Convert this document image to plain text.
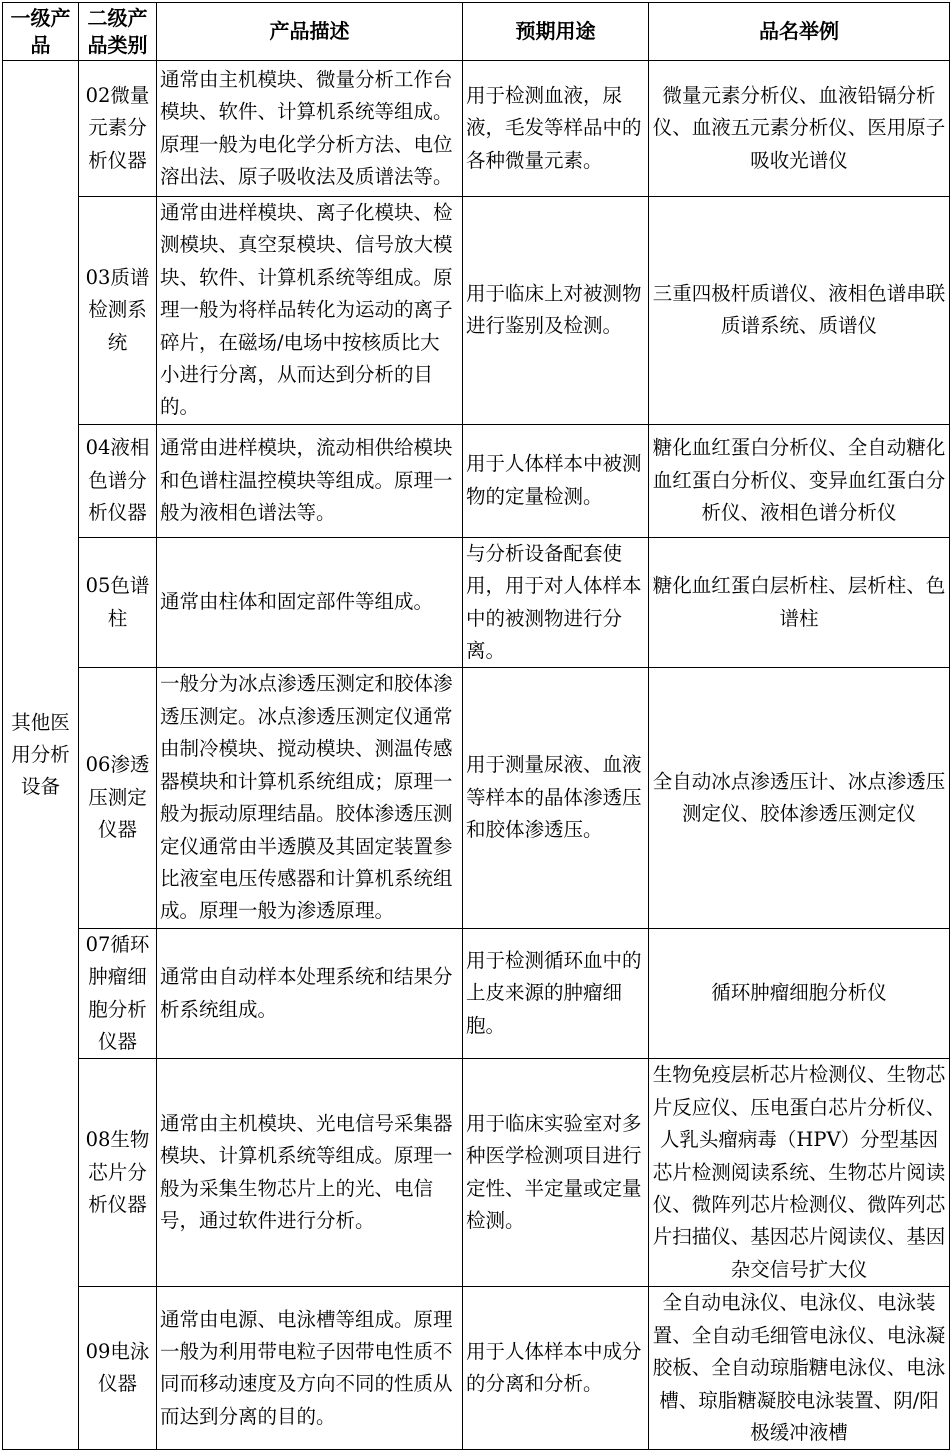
一级产品	二级产品类别	产品描述	预期用途	品名举例
其他医用分析设备	02微量元素分析仪器	通常由主机模块、微量分析工作台模块、软件、计算机系统等组成。原理一般为电化学分析方法、电位溶出法、原子吸收法及质谱法等。	用于检测血液，尿液，毛发等样品中的各种微量元素。	微量元素分析仪、血液铅镉分析仪、血液五元素分析仪、医用原子吸收光谱仪
	03质谱检测系统	通常由进样模块、离子化模块、检测模块、真空泵模块、信号放大模块、软件、计算机系统等组成。原理一般为将样品转化为运动的离子碎片，在磁场/电场中按核质比大小进行分离，从而达到分析的目的。	用于临床上对被测物进行鉴别及检测。	三重四极杆质谱仪、液相色谱串联质谱系统、质谱仪
	04液相色谱分析仪器	通常由进样模块，流动相供给模块和色谱柱温控模块等组成。原理一般为液相色谱法等。	用于人体样本中被测物的定量检测。	糖化血红蛋白分析仪、全自动糖化血红蛋白分析仪、变异血红蛋白分析仪、液相色谱分析仪
	05色谱柱	通常由柱体和固定部件等组成。	与分析设备配套使用，用于对人体样本中的被测物进行分离。	糖化血红蛋白层析柱、层析柱、色谱柱
	06渗透压测定仪器	一般分为冰点渗透压测定和胶体渗透压测定。冰点渗透压测定仪通常由制冷模块、搅动模块、测温传感器模块和计算机系统组成；原理一般为振动原理结晶。胶体渗透压测定仪通常由半透膜及其固定装置参比液室电压传感器和计算机系统组成。原理一般为渗透原理。	用于测量尿液、血液等样本的晶体渗透压和胶体渗透压。	全自动冰点渗透压计、冰点渗透压测定仪、胶体渗透压测定仪
	07循环肿瘤细胞分析仪器	通常由自动样本处理系统和结果分析系统组成。	用于检测循环血中的上皮来源的肿瘤细胞。	循环肿瘤细胞分析仪
	08生物芯片分析仪器	通常由主机模块、光电信号采集器模块、计算机系统等组成。原理一般为采集生物芯片上的光、电信号，通过软件进行分析。	用于临床实验室对多种医学检测项目进行定性、半定量或定量检测。	生物免疫层析芯片检测仪、生物芯片反应仪、压电蛋白芯片分析仪、人乳头瘤病毒（HPV）分型基因芯片检测阅读系统、生物芯片阅读仪、微阵列芯片检测仪、微阵列芯片扫描仪、基因芯片阅读仪、基因杂交信号扩大仪
	09电泳仪器	通常由电源、电泳槽等组成。原理一般为利用带电粒子因带电性质不同而移动速度及方向不同的性质从而达到分离的目的。	用于人体样本中成分的分离和分析。	全自动电泳仪、电泳仪、电泳装置、全自动毛细管电泳仪、电泳凝胶板、全自动琼脂糖电泳仪、电泳槽、琼脂糖凝胶电泳装置、阴/阳极缓冲液槽
